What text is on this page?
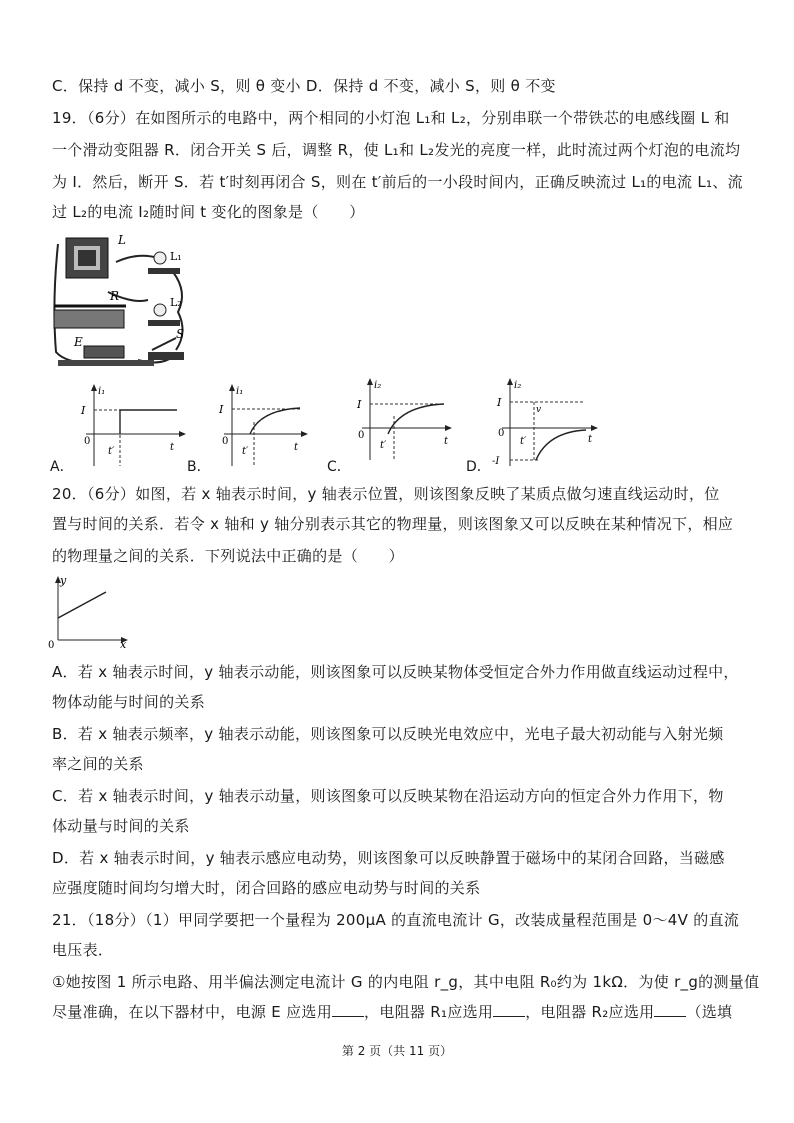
C．保持 d 不变，减小 S，则 θ 变小 D．保持 d 不变，减小 S，则 θ 不变
19．（6分）在如图所示的电路中，两个相同的小灯泡 L₁和 L₂，分别串联一个带铁芯的电感线圈 L 和
一个滑动变阻器 R．闭合开关 S 后，调整 R，使 L₁和 L₂发光的亮度一样，此时流过两个灯泡的电流均
为 I．然后，断开 S．若 t′时刻再闭合 S，则在 t′前后的一小段时间内，正确反映流过 L₁的电流 L₁、流
过 L₂的电流 I₂随时间 t 变化的图象是（　　）
L
L₁
L₂
R
E
S
A．
i₁
I
0
t′	t
B．
i₁
I
0
t′	t
C．
i₂
I
0
t′	t
D．
i₂
I
0
t′
v
t
-I
20．（6分）如图，若 x 轴表示时间，y 轴表示位置，则该图象反映了某质点做匀速直线运动时，位
置与时间的关系．若令 x 轴和 y 轴分别表示其它的物理量，则该图象又可以反映在某种情况下，相应
的物理量之间的关系．下列说法中正确的是（　　）
y
x
0
A．若 x 轴表示时间，y 轴表示动能，则该图象可以反映某物体受恒定合外力作用做直线运动过程中，
物体动能与时间的关系
B．若 x 轴表示频率，y 轴表示动能，则该图象可以反映光电效应中，光电子最大初动能与入射光频
率之间的关系
C．若 x 轴表示时间，y 轴表示动量，则该图象可以反映某物在沿运动方向的恒定合外力作用下，物
体动量与时间的关系
D．若 x 轴表示时间，y 轴表示感应电动势，则该图象可以反映静置于磁场中的某闭合回路，当磁感
应强度随时间均匀增大时，闭合回路的感应电动势与时间的关系
21．（18分）（1）甲同学要把一个量程为 200μA 的直流电流计 G，改装成量程范围是 0～4V 的直流
电压表．
①她按图 1 所示电路、用半偏法测定电流计 G 的内电阻 r_g，其中电阻 R₀约为 1kΩ．为使 r_g的测量值
尽量准确，在以下器材中，电源 E 应选用 ，电阻器 R₁应选用 ，电阻器 R₂应选用 （选填
第 2 页（共 11 页）
